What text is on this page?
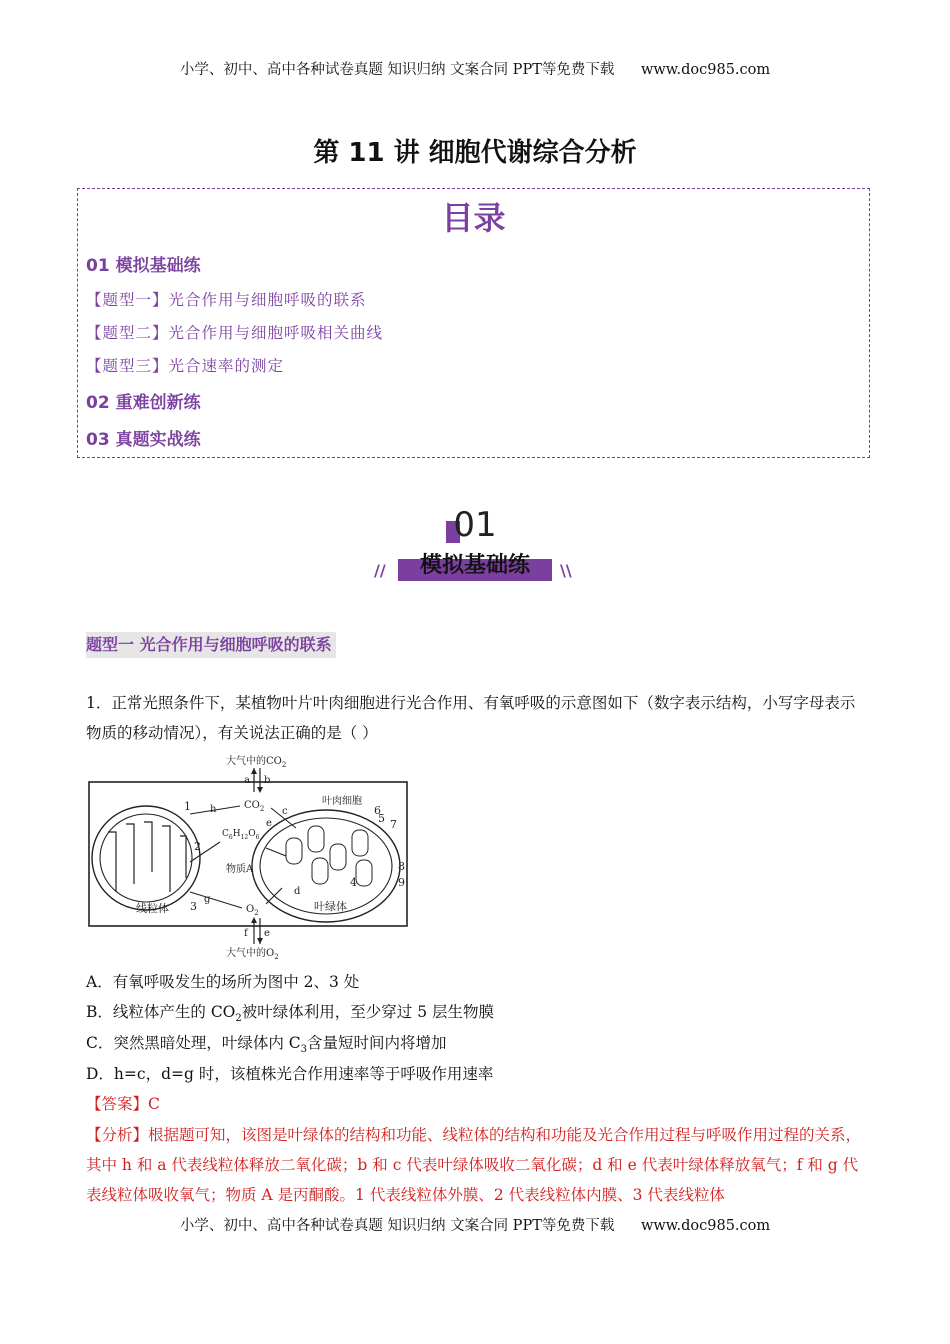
小学、初中、高中各种试卷真题 知识归纳 文案合同 PPT等免费下载 www.doc985.com
第 11 讲 细胞代谢综合分析
目录
01 模拟基础练
【题型一】光合作用与细胞呼吸的联系
【题型二】光合作用与细胞呼吸相关曲线
【题型三】光合速率的测定
02 重难创新练
03 真题实战练
01
模拟基础练
//	\\
题型一 光合作用与细胞呼吸的联系
1．正常光照条件下，某植物叶片叶肉细胞进行光合作用、有氧呼吸的示意图如下（数字表示结构，小写字母表示物质的移动情况），有关说法正确的是（ ）
大气中的$CO_2$
a b
叶肉细胞
线粒体	叶绿体
$CO_2$
$C_6H_{12}O_6$
物质A
$O_2$
h	c
d
e
g
f e
大气中的$O_2$
1
2
3
4
5
6
7
8
9
A．有氧呼吸发生的场所为图中 2、3 处
B．线粒体产生的 $CO_2$被叶绿体利用，至少穿过 5 层生物膜
C．突然黑暗处理，叶绿体内 $C_3$含量短时间内将增加
D．h=c，d=g 时，该植株光合作用速率等于呼吸作用速率
【答案】C
【分析】根据题可知，该图是叶绿体的结构和功能、线粒体的结构和功能及光合作用过程与呼吸作用过程的关系，其中 h 和 a 代表线粒体释放二氧化碳；b 和 c 代表叶绿体吸收二氧化碳；d 和 e 代表叶绿体释放氧气；f 和 g 代表线粒体吸收氧气；物质 A 是丙酮酸。1 代表线粒体外膜、2 代表线粒体内膜、3 代表线粒体
小学、初中、高中各种试卷真题 知识归纳 文案合同 PPT等免费下载 www.doc985.com
